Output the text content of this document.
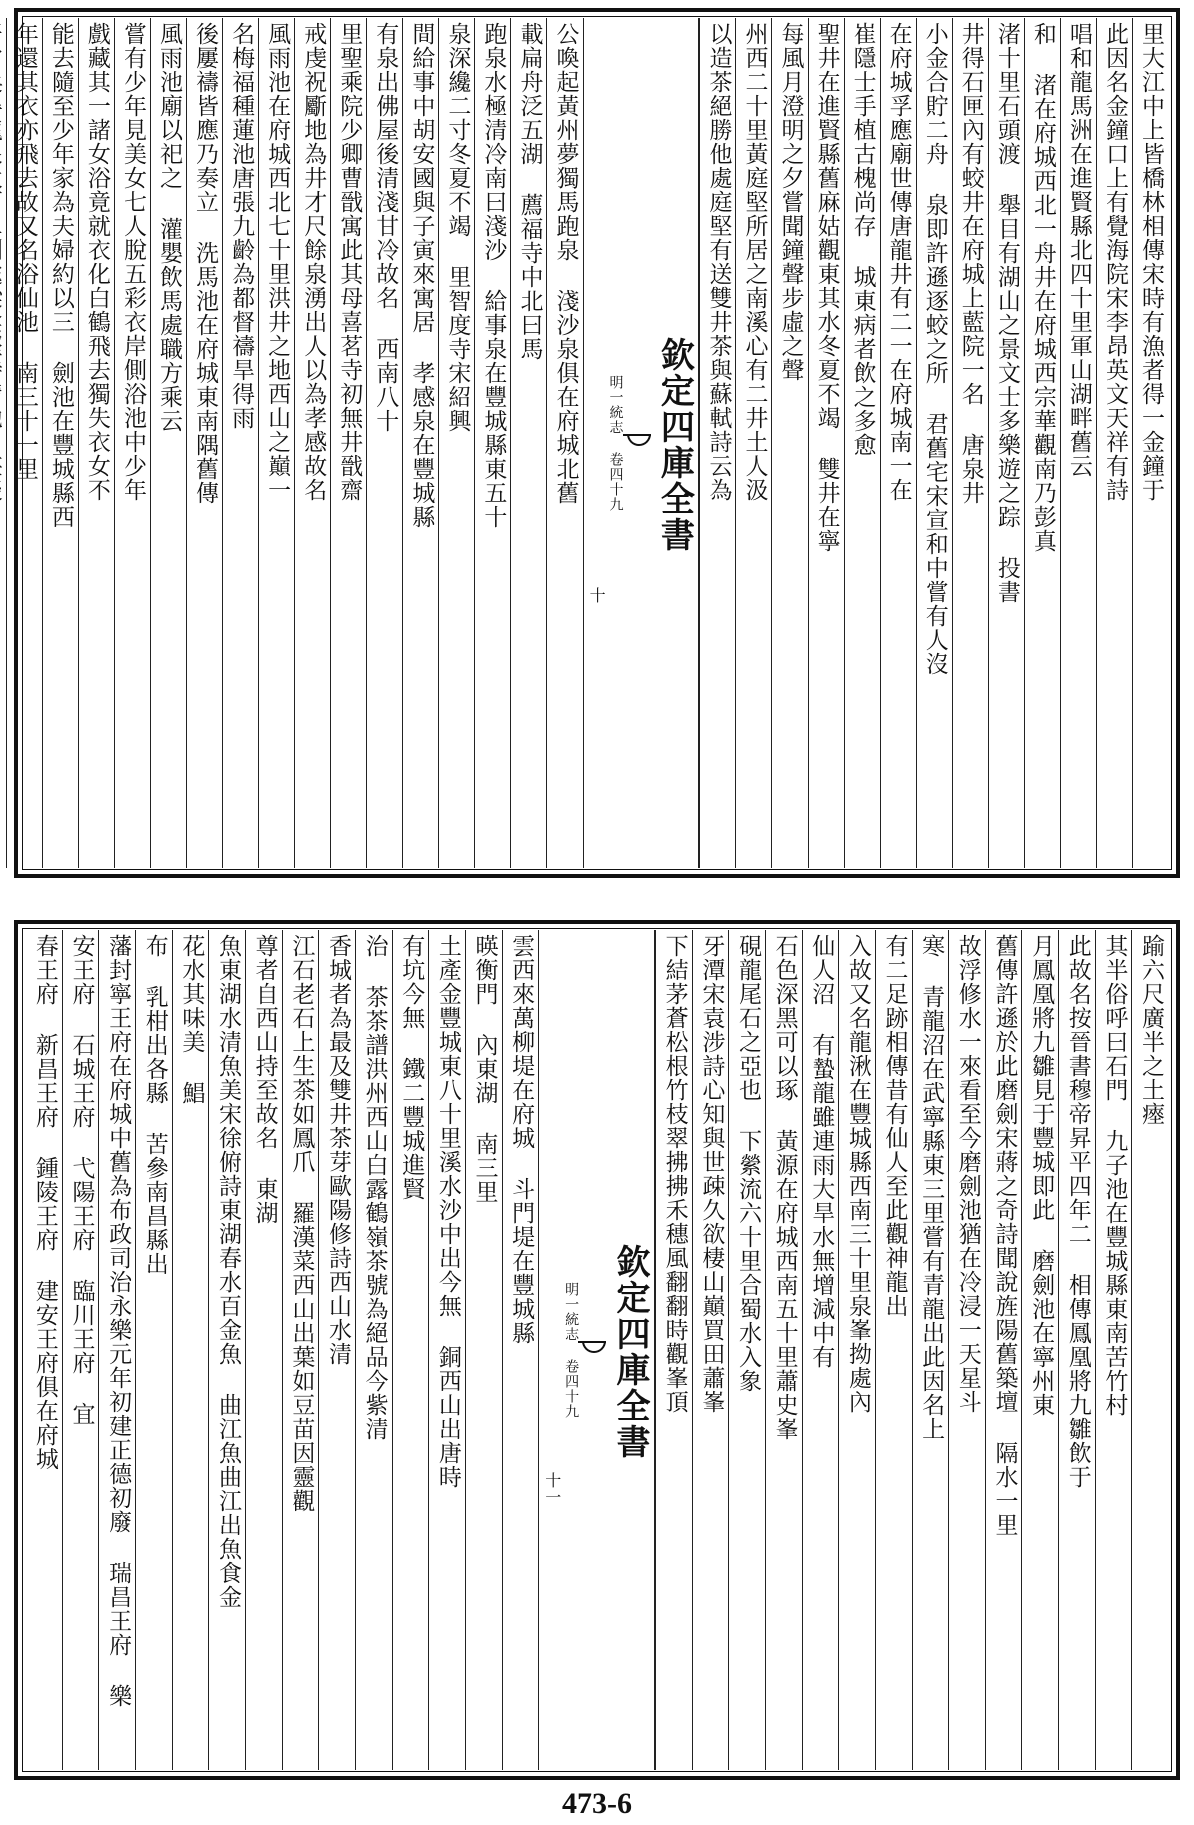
里大江中上皆橋林相傳宋時有漁者得一金鐘于
此因名金鐘口上有覺海院宋李昂英文天祥有詩
唱和龍馬洲在進賢縣北四十里軍山湖畔舊云
和 渚在府城西北一舟井在府城西宗華觀南乃彭真
渚十里石頭渡 舉目有湖山之景文士多樂遊之踪 投書
井得石匣內有蛟井在府城上藍院一名 唐泉井
小金合貯二舟 泉即許遜逐蛟之所 君舊宅宋宣和中嘗有人沒
在府城孚應廟世傳唐龍井有二一在府城南一在
崔隱士手植古槐尚存 城東病者飲之多愈
聖井在進賢縣舊麻姑觀東其水冬夏不竭 雙井在寧
每風月澄明之夕嘗聞鐘聲步虛之聲
州西二十里黃庭堅所居之南溪心有二井土人汲
以造茶絕勝他處庭堅有送雙井茶與蘇軾詩云為
欽定四庫全書
明一統志 卷四十九
十
公喚起黃州夢獨馬跑泉 淺沙泉俱在府城北舊
載扁舟泛五湖 薦福寺中北曰馬
跑泉水極清冷南曰淺沙 給事泉在豐城縣東五十
泉深纔二寸冬夏不竭 里智度寺宋紹興
間給事中胡安國與子寅來寓居 孝感泉在豐城縣
有泉出佛屋後清淺甘冷故名 西南八十
里聖乘院少卿曹戩寓此其母喜茗寺初無井戩齋
戒虔祝斸地為井才尺餘泉湧出人以為孝感故名
風雨池在府城西北七十里洪井之地西山之巔一
名梅福種蓮池唐張九齡為都督禱旱得雨
後屢禱皆應乃奏立 洗馬池在府城東南隅舊傳
風雨池廟以祀之 灌嬰飲馬處職方乘云
嘗有少年見美女七人脫五彩衣岸側浴池中少年
戲藏其一諸女浴竟就衣化白鶴飛去獨失衣女不
能去隨至少年家為夫婦約以三 劍池在豐城縣西
年還其衣亦飛去故又名浴仙池 南三十一里
踰六尺廣半之土瘞
其半俗呼曰石門 九子池在豐城縣東南苦竹村
此故名按晉書穆帝昇平四年二 相傳鳳凰將九雛飲于
月鳳凰將九雛見于豐城即此 磨劍池在寧州東
舊傳許遜於此磨劍宋蔣之奇詩聞說旌陽舊築壇 隔水一里
故浮修水一來看至今磨劍池猶在冷浸一天星斗
寒 青龍沼在武寧縣東三里嘗有青龍出此因名上
有二足跡相傳昔有仙人至此觀神龍出
入故又名龍湫在豐城縣西南三十里泉峯拗處內
仙人沼 有蟄龍雖連雨大旱水無增減中有
石色深黑可以琢 黃源在府城西南五十里蕭史峯
硯龍尾石之亞也 下縈流六十里合蜀水入象
牙潭宋袁涉詩心知與世疎久欲棲山巔買田蕭峯
下結茅蒼松根竹枝翠拂拂禾穗風翻翻時觀峯頂
欽定四庫全書
明一統志 卷四十九
十一
雲西來萬柳堤在府城 斗門堤在豐城縣
暎衡門 內東湖 南三里
土產金豐城東八十里溪水沙中出今無 銅西山出唐時
有坑今無 鐵二豐城進賢
治 茶茶譜洪州西山白露鶴嶺茶號為絕品今紫清
香城者為最及雙井茶芽歐陽修詩西山水清
江石老石上生茶如鳳爪 羅漢菜西山出葉如豆苗因靈觀
尊者自西山持至故名 東湖
魚東湖水清魚美宋徐俯詩東湖春水百金魚 曲江魚曲江出魚食金
花水其味美 鯧
布 乳柑出各縣 苦參南昌縣出
藩封寧王府在府城中舊為布政司治永樂元年初建正德初廢 瑞昌王府 樂
安王府 石城王府 弋陽王府 臨川王府 宜
春王府 新昌王府 鍾陵王府 建安王府俱在府城
473-6
